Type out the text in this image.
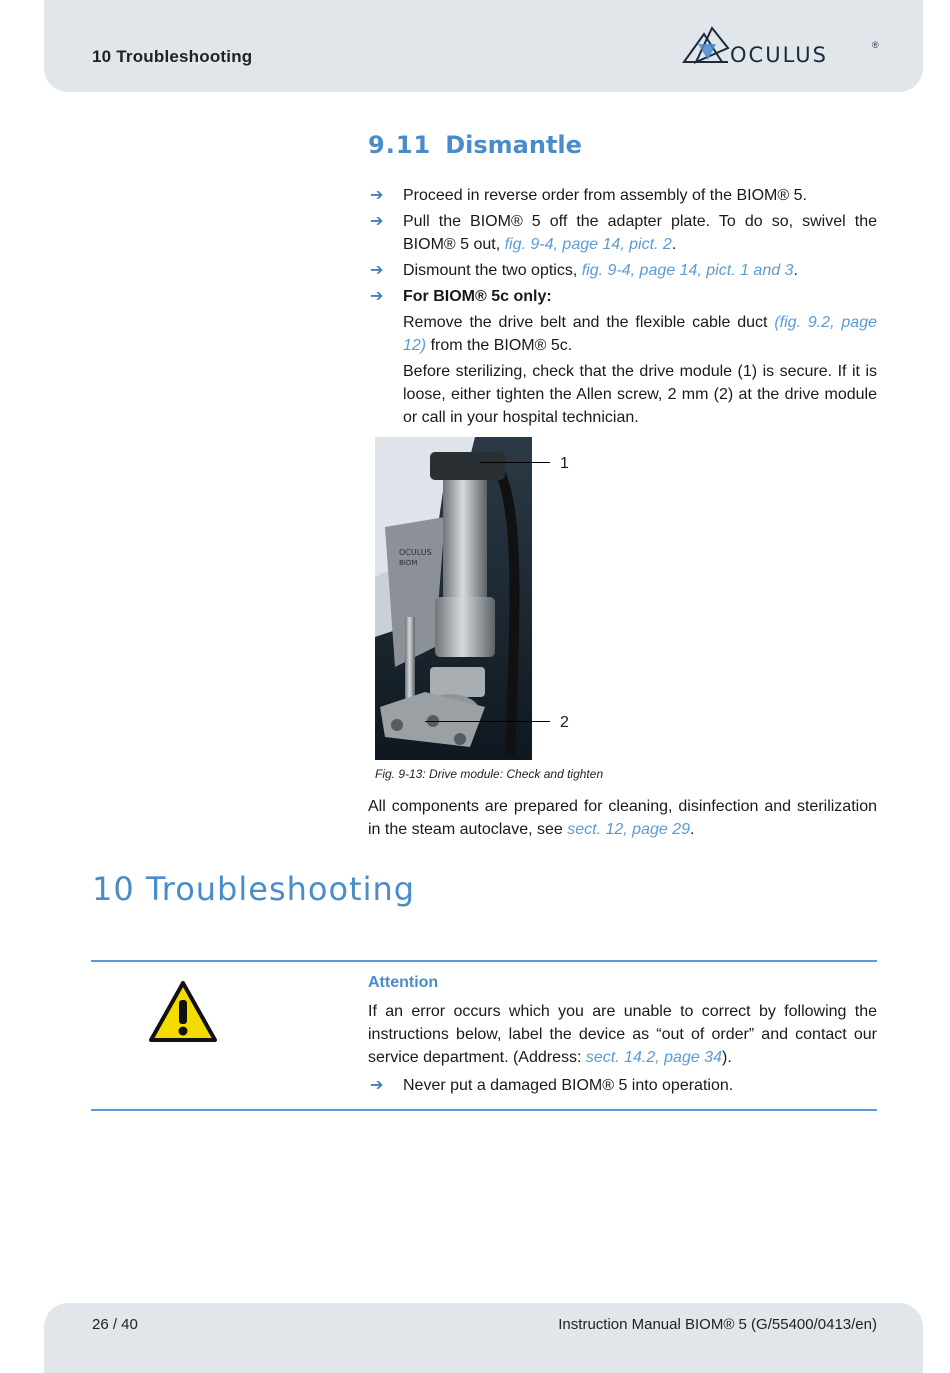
10 Troubleshooting	OCULUS	®
9.11 Dismantle
➔ Proceed in reverse order from assembly of the BIOM® 5.
➔ Pull the BIOM® 5 off the adapter plate. To do so, swivel the BIOM® 5 out, fig. 9-4, page 14, pict. 2.
➔ Dismount the two optics, fig. 9-4, page 14, pict. 1 and 3.
➔ For BIOM® 5c only:
Remove the drive belt and the flexible cable duct (fig. 9.2, page 12) from the BIOM® 5c.
Before sterilizing, check that the drive module (1) is secure. If it is loose, either tighten the Allen screw, 2 mm (2) at the drive module or call in your hospital technician.
OCULUS
BIOM
1
2
Fig. 9-13: Drive module: Check and tighten
All components are prepared for cleaning, disinfection and sterilization in the steam autoclave, see sect. 12, page 29.
10 Troubleshooting
Attention
If an error occurs which you are unable to correct by following the instructions below, label the device as “out of order” and contact our service department. (Address: sect. 14.2, page 34).
➔ Never put a damaged BIOM® 5 into operation.
26 / 40	Instruction Manual BIOM® 5 (G/55400/0413/en)
